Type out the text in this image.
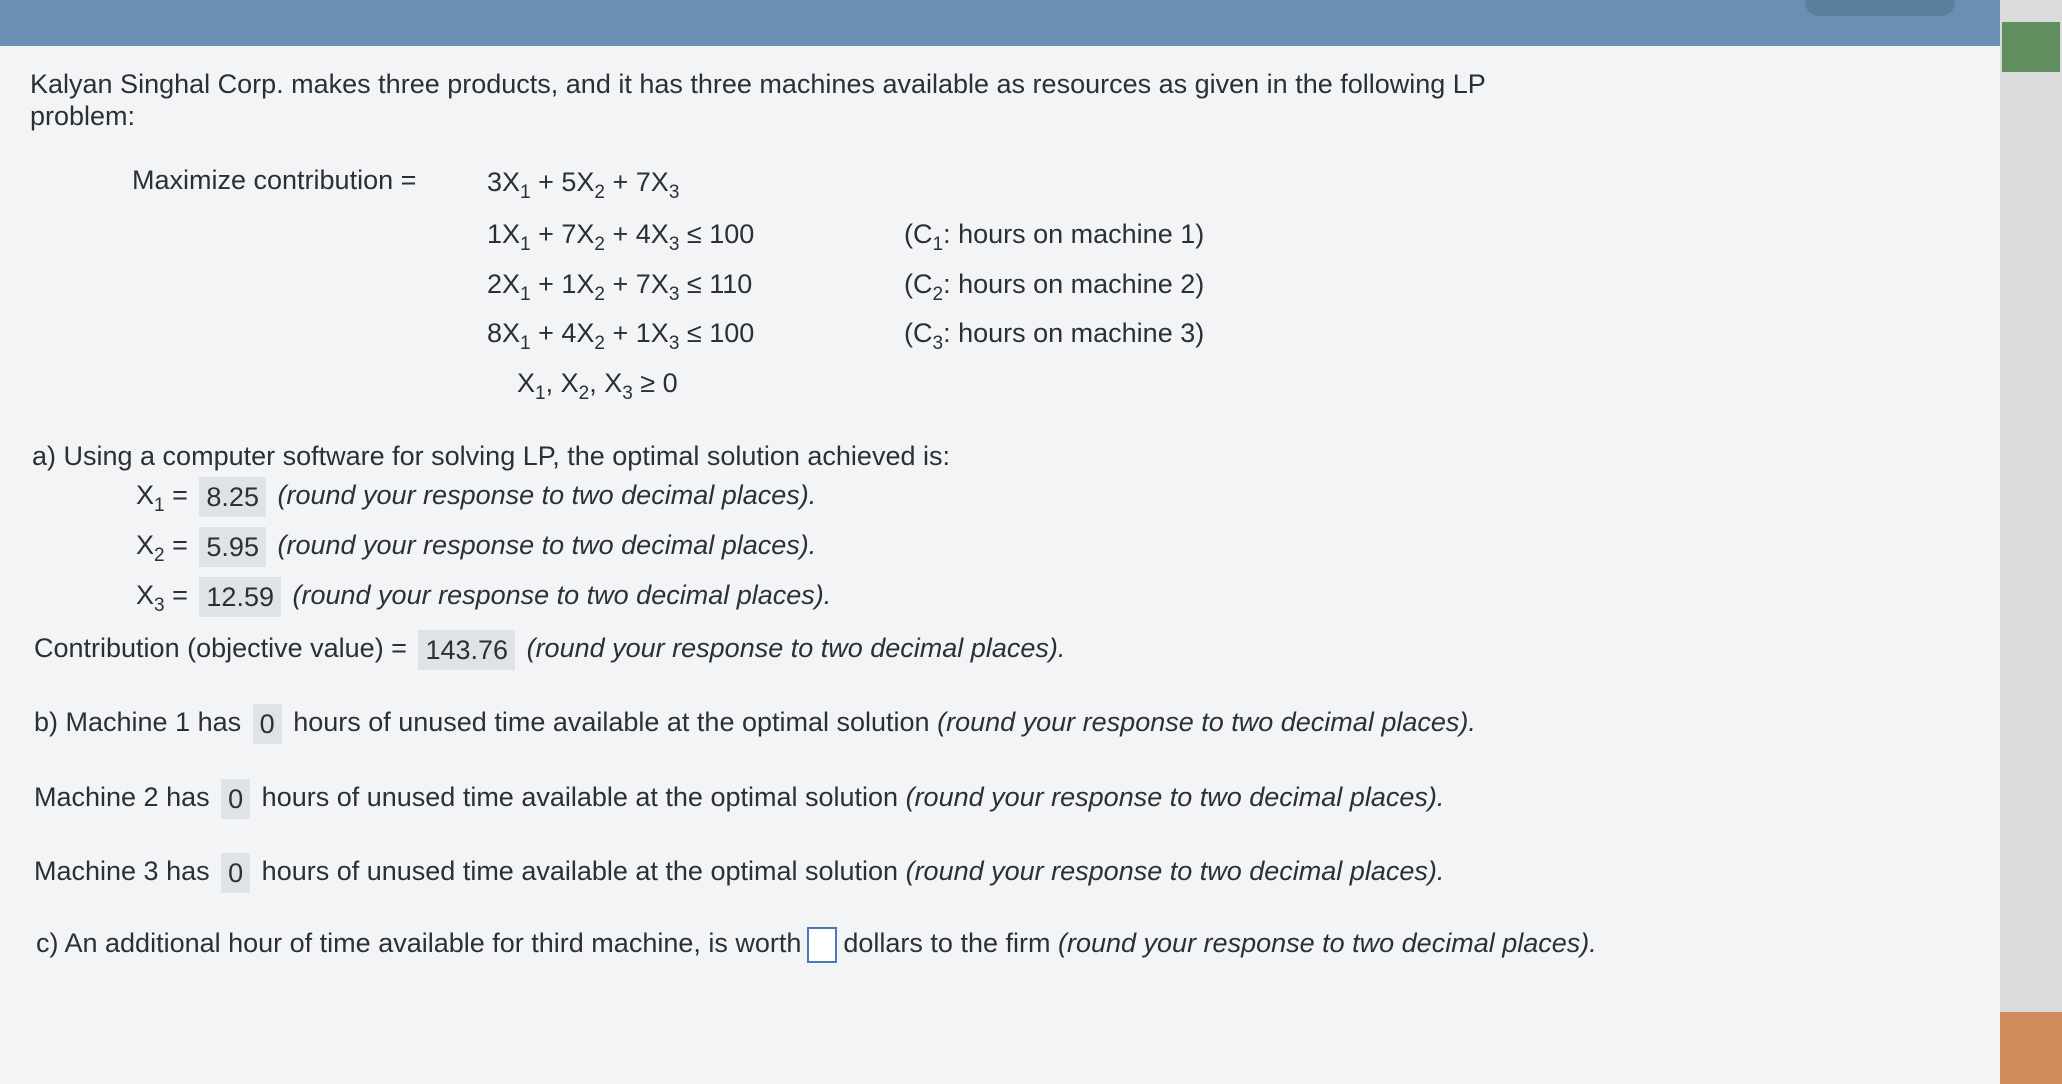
Kalyan Singhal Corp. makes three products, and it has three machines available as resources as given in the following LP problem:
Maximize contribution =	$3X_1 + 5X_2 + 7X_3$
$1X_1 + 7X_2 + 4X_3 \le 100$	($C_1$: hours on machine 1)
$2X_1 + 1X_2 + 7X_3 \le 110$	($C_2$: hours on machine 2)
$8X_1 + 4X_2 + 1X_3 \le 100$	($C_3$: hours on machine 3)
$X_1$, $X_2$, $X_3 \ge 0$
a) Using a computer software for solving LP, the optimal solution achieved is:
$X_1 = 8.25$ (round your response to two decimal places).
$X_2 = 5.95$ (round your response to two decimal places).
$X_3 = 12.59$ (round your response to two decimal places).
Contribution (objective value) = 143.76 (round your response to two decimal places).
b) Machine 1 has 0 hours of unused time available at the optimal solution (round your response to two decimal places).
Machine 2 has 0 hours of unused time available at the optimal solution (round your response to two decimal places).
Machine 3 has 0 hours of unused time available at the optimal solution (round your response to two decimal places).
c) An additional hour of time available for third machine, is worth dollars to the firm (round your response to two decimal places).
